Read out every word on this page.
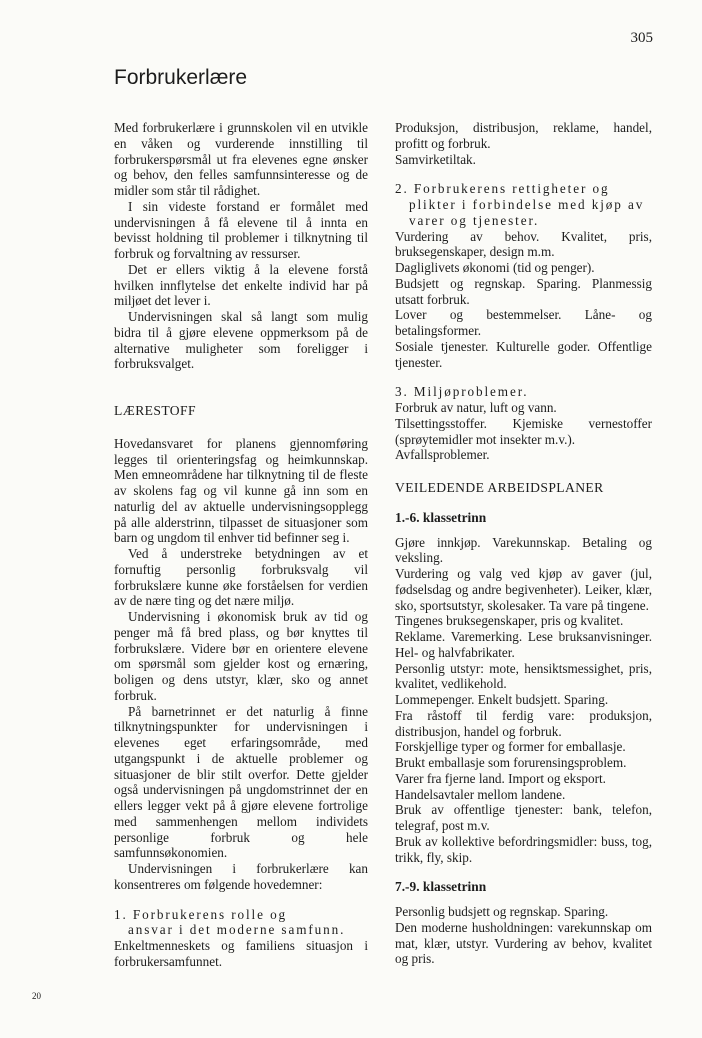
305
Forbrukerlære

Med forbrukerlære i grunnskolen vil en utvikle en våken og vurderende innstilling til forbrukerspørsmål ut fra elevenes egne ønsker og behov, den felles samfunnsinteresse og de midler som står til rådighet.

I sin videste forstand er formålet med undervisningen å få elevene til å innta en bevisst holdning til problemer i tilknytning til forbruk og forvaltning av ressurser.

Det er ellers viktig å la elevene forstå hvilken innflytelse det enkelte individ har på miljøet det lever i.

Undervisningen skal så langt som mulig bidra til å gjøre elevene oppmerksom på de alternative muligheter som foreligger i forbruksvalget.

LÆRESTOFF

Hovedansvaret for planens gjennomføring legges til orienteringsfag og heimkunnskap. Men emneområdene har tilknytning til de fleste av skolens fag og vil kunne gå inn som en naturlig del av aktuelle undervisningsopplegg på alle alderstrinn, tilpasset de situasjoner som barn og ungdom til enhver tid befinner seg i.

Ved å understreke betydningen av et fornuftig personlig forbruksvalg vil forbrukslære kunne øke forståelsen for verdien av de nære ting og det nære miljø.

Undervisning i økonomisk bruk av tid og penger må få bred plass, og bør knyttes til forbrukslære. Videre bør en orientere elevene om spørsmål som gjelder kost og ernæring, boligen og dens utstyr, klær, sko og annet forbruk.

På barnetrinnet er det naturlig å finne tilknytningspunkter for undervisningen i elevenes eget erfaringsområde, med utgangspunkt i de aktuelle problemer og situasjoner de blir stilt overfor. Dette gjelder også undervisningen på ungdomstrinnet der en ellers legger vekt på å gjøre elevene fortrolige med sammenhengen mellom individets personlige forbruk og hele samfunnsøkonomien.

Undervisningen i forbrukerlære kan konsentreres om følgende hovedemner:

1. Forbrukerens rolle og

ansvar i det moderne samfunn.

Enkeltmenneskets og familiens situasjon i forbrukersamfunnet.

Produksjon, distribusjon, reklame, handel, profitt og forbruk.

Samvirketiltak.

2. Forbrukerens rettigheter og

plikter i forbindelse med kjøp av

varer og tjenester.

Vurdering av behov. Kvalitet, pris, bruksegenskaper, design m.m.

Dagliglivets økonomi (tid og penger).

Budsjett og regnskap. Sparing. Planmessig utsatt forbruk.

Lover og bestemmelser. Låne- og betalingsformer.

Sosiale tjenester. Kulturelle goder. Offentlige tjenester.

3. Miljøproblemer.

Forbruk av natur, luft og vann.

Tilsettingsstoffer. Kjemiske vernestoffer (sprøytemidler mot insekter m.v.).

Avfallsproblemer.

VEILEDENDE ARBEIDSPLANER

1.-6. klassetrinn

Gjøre innkjøp. Varekunnskap. Betaling og veksling.

Vurdering og valg ved kjøp av gaver (jul, fødselsdag og andre begivenheter). Leiker, klær, sko, sportsutstyr, skolesaker. Ta vare på tingene.

Tingenes bruksegenskaper, pris og kvalitet.

Reklame. Varemerking. Lese bruksanvisninger. Hel- og halvfabrikater.

Personlig utstyr: mote, hensiktsmessighet, pris, kvalitet, vedlikehold.

Lommepenger. Enkelt budsjett. Sparing.

Fra råstoff til ferdig vare: produksjon, distribusjon, handel og forbruk.

Forskjellige typer og former for emballasje.

Brukt emballasje som forurensingsproblem.

Varer fra fjerne land. Import og eksport.

Handelsavtaler mellom landene.

Bruk av offentlige tjenester: bank, telefon, telegraf, post m.v.

Bruk av kollektive befordringsmidler: buss, tog, trikk, fly, skip.

7.-9. klassetrinn

Personlig budsjett og regnskap. Sparing.

Den moderne husholdningen: varekunnskap om mat, klær, utstyr. Vurdering av behov, kvalitet og pris.

20
